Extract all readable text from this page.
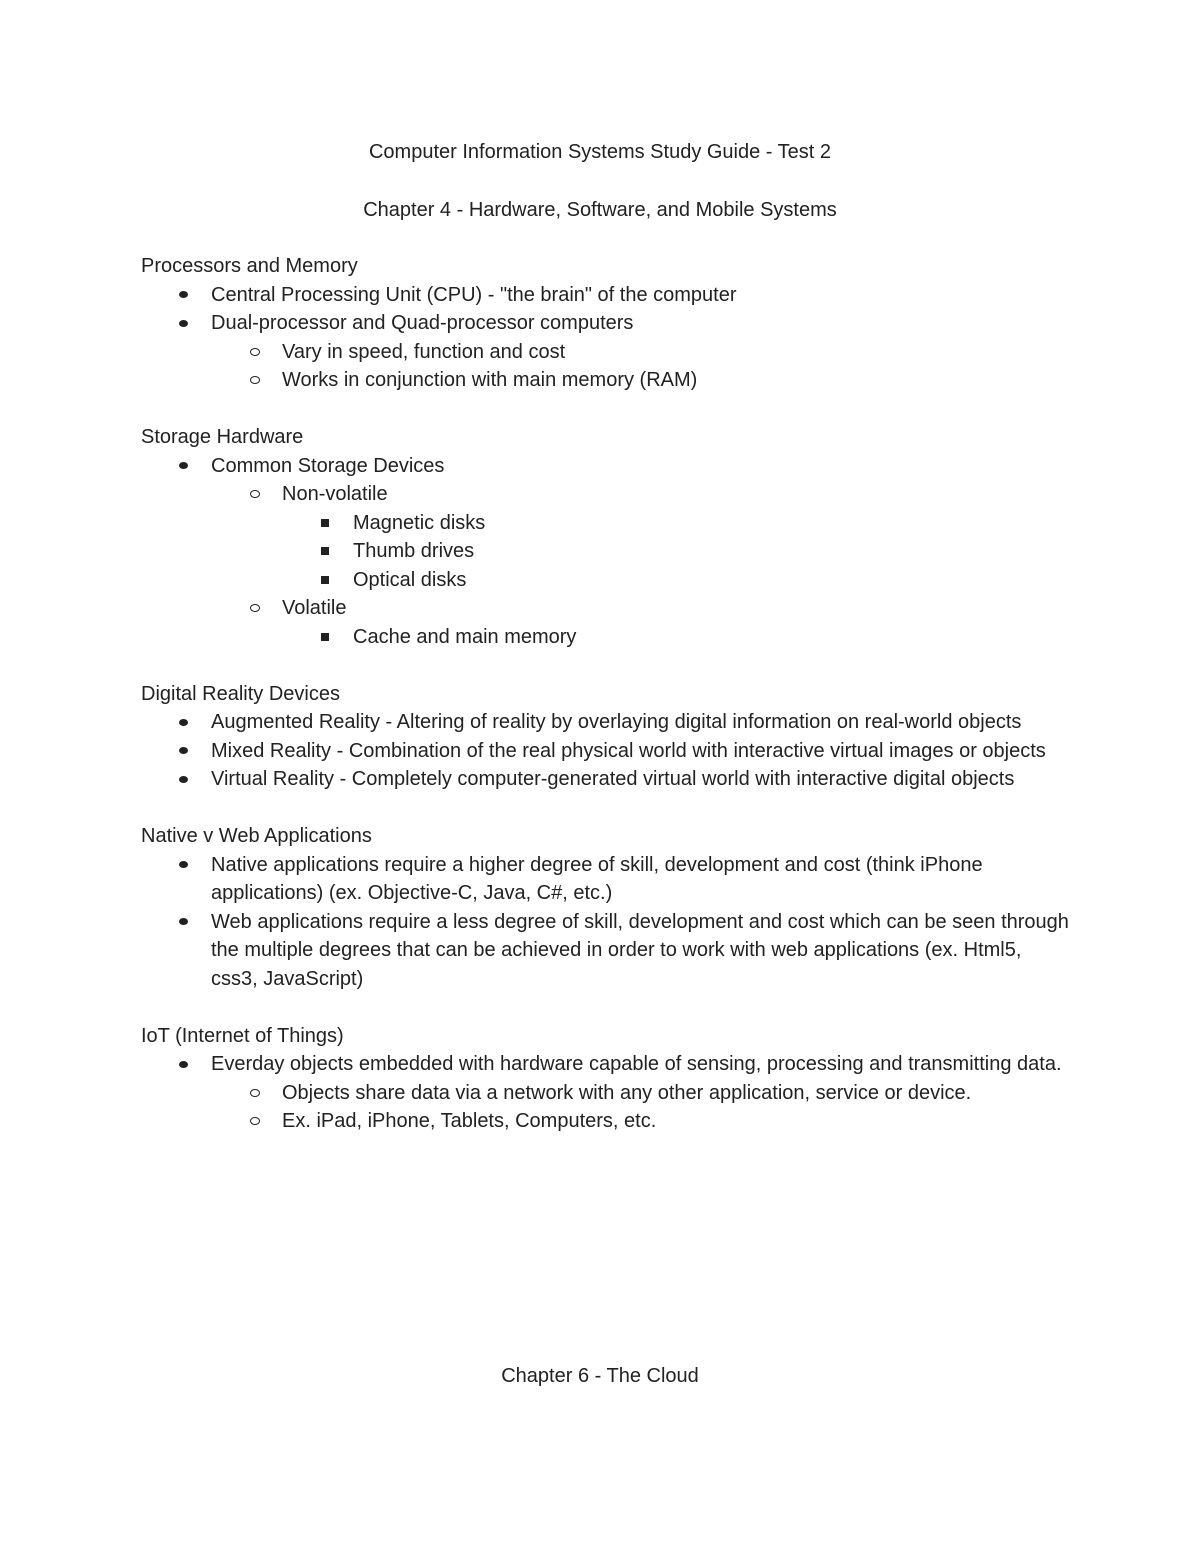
Computer Information Systems Study Guide - Test 2
Chapter 4 - Hardware, Software, and Mobile Systems
Processors and Memory
Central Processing Unit (CPU) - "the brain" of the computer
Dual-processor and Quad-processor computers
Vary in speed, function and cost
Works in conjunction with main memory (RAM)
Storage Hardware
Common Storage Devices
Non-volatile
Magnetic disks
Thumb drives
Optical disks
Volatile
Cache and main memory
Digital Reality Devices
Augmented Reality - Altering of reality by overlaying digital information on real-world objects
Mixed Reality - Combination of the real physical world with interactive virtual images or objects
Virtual Reality - Completely computer-generated virtual world with interactive digital objects
Native v Web Applications
Native applications require a higher degree of skill, development and cost (think iPhone applications) (ex. Objective-C, Java, C#, etc.)
Web applications require a less degree of skill, development and cost which can be seen through the multiple degrees that can be achieved in order to work with web applications (ex. Html5, css3, JavaScript)
IoT (Internet of Things)
Everday objects embedded with hardware capable of sensing, processing and transmitting data.
Objects share data via a network with any other application, service or device.
Ex. iPad, iPhone, Tablets, Computers, etc.
Chapter 6 - The Cloud
